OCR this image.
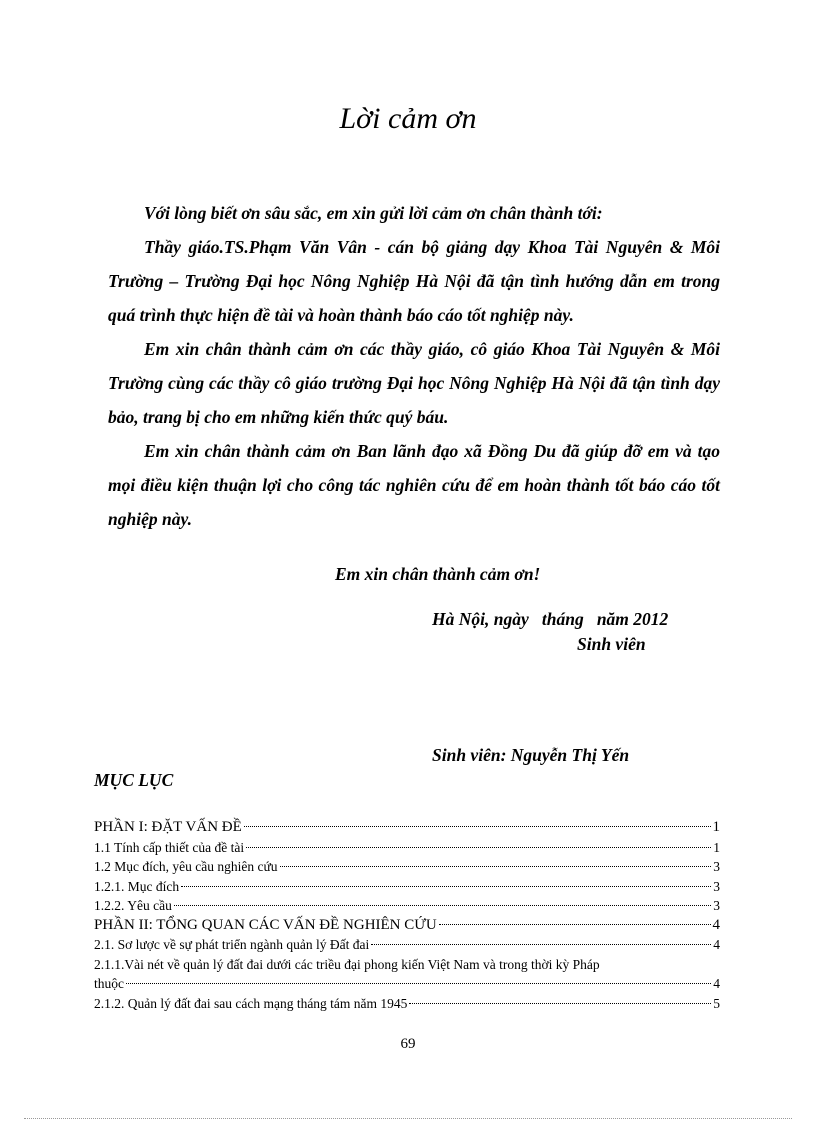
Lời cảm ơn

Với lòng biết ơn sâu sắc, em xin gửi lời cảm ơn chân thành tới:

Thầy giáo.TS.Phạm Văn Vân - cán bộ giảng dạy Khoa Tài Nguyên & Môi Trường – Trường Đại học Nông Nghiệp Hà Nội đã tận tình hướng dẫn em trong quá trình thực hiện đề tài và hoàn thành báo cáo tốt nghiệp này.

Em xin chân thành cảm ơn các thầy giáo, cô giáo Khoa Tài Nguyên & Môi Trường cùng các thầy cô giáo trường Đại học Nông Nghiệp Hà Nội đã tận tình dạy bảo, trang bị cho em những kiến thức quý báu.

Em xin chân thành cảm ơn Ban lãnh đạo xã Đồng Du đã giúp đỡ em và tạo mọi điều kiện thuận lợi cho công tác nghiên cứu để em hoàn thành tốt báo cáo tốt nghiệp này.

Em xin chân thành cảm ơn!
Hà Nội, ngày   tháng   năm 2012
Sinh viên
Sinh viên: Nguyễn Thị Yến
MỤC LỤC
PHẦN I: ĐẶT VẤN ĐỀ	1
1.1 Tính cấp thiết của đề tài	1
1.2 Mục đích, yêu cầu nghiên cứu	3
1.2.1. Mục đích	3
1.2.2. Yêu cầu	3
PHẦN II: TỔNG QUAN CÁC VẤN ĐỀ NGHIÊN CỨU	4
2.1. Sơ lược về sự phát triển ngành quản lý Đất đai	4
2.1.1.Vài nét về quản lý đất đai dưới các triều đại phong kiến Việt Nam và trong thời kỳ Pháp
thuộc	4
2.1.2. Quản lý đất đai sau cách mạng tháng tám năm 1945	5
69
